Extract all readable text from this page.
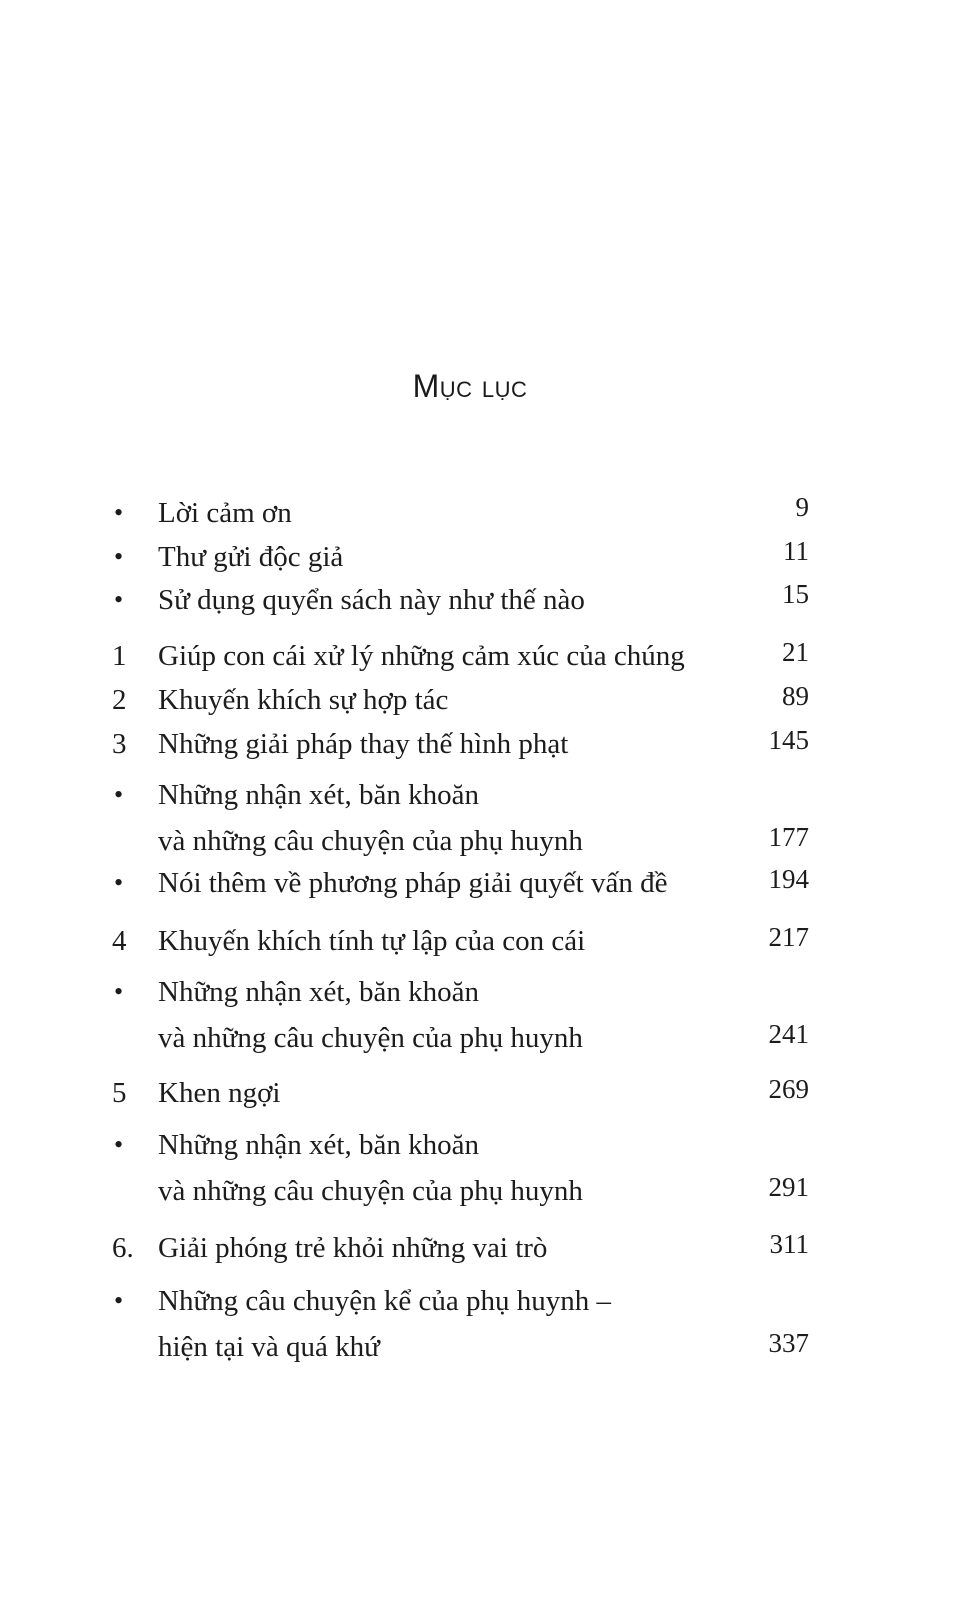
Mục lục
•	Lời cảm ơn	9
•	Thư gửi độc giả	11
•	Sử dụng quyển sách này như thế nào	15
1	Giúp con cái xử lý những cảm xúc của chúng	21
2	Khuyến khích sự hợp tác	89
3	Những giải pháp thay thế hình phạt	145
•	Những nhận xét, băn khoăn
và những câu chuyện của phụ huynh	177
•	Nói thêm về phương pháp giải quyết vấn đề	194
4	Khuyến khích tính tự lập của con cái	217
•	Những nhận xét, băn khoăn
và những câu chuyện của phụ huynh	241
5	Khen ngợi	269
•	Những nhận xét, băn khoăn
và những câu chuyện của phụ huynh	291
6. Giải phóng trẻ khỏi những vai trò	311
•	Những câu chuyện kể của phụ huynh –
hiện tại và quá khứ	337
